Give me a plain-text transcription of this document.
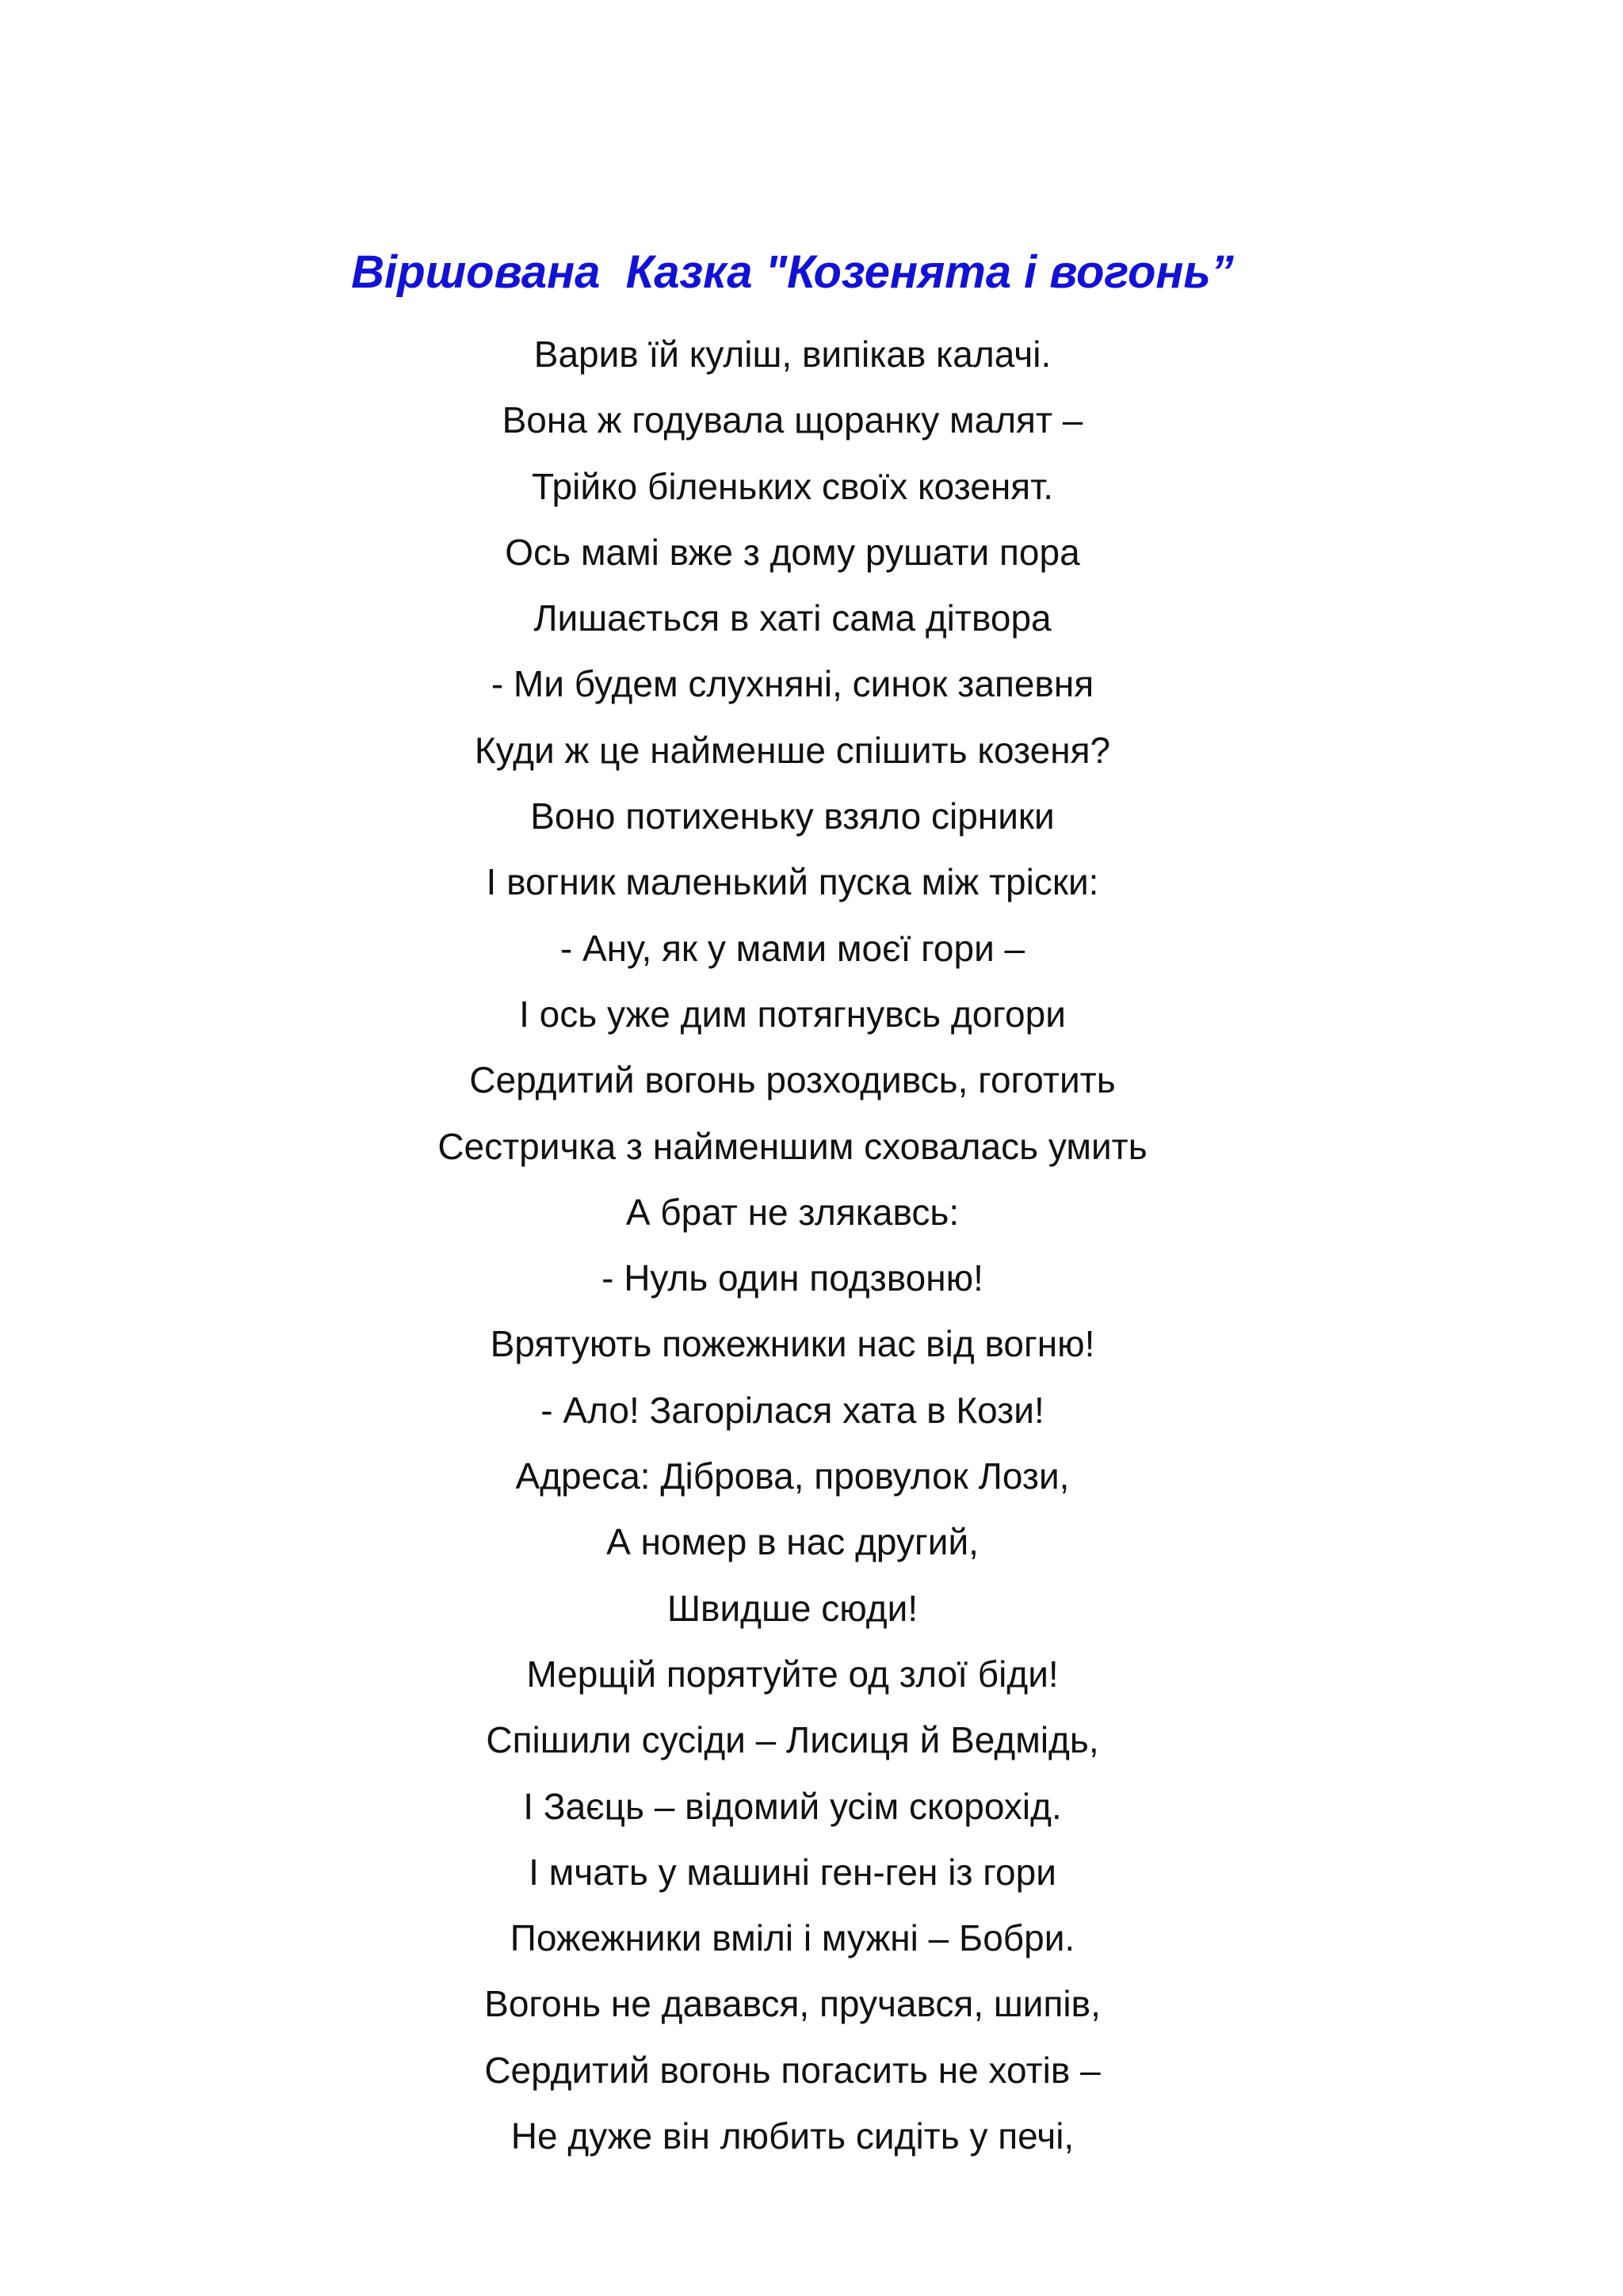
Віршована  Казка "Козенята і вогонь”
Варив їй куліш, випікав калачі.
Вона ж годувала щоранку малят –
Трійко біленьких своїх козенят.
Ось мамі вже з дому рушати пора
Лишається в хаті сама дітвора
- Ми будем слухняні, синок запевня
Куди ж це найменше спішить козеня?
Воно потихеньку взяло сірники
І вогник маленький пуска між тріски:
- Ану, як у мами моєї гори –
І ось уже дим потягнувсь догори
Сердитий вогонь розходивсь, гоготить
Сестричка з найменшим сховалась умить
А брат не злякавсь:
- Нуль один подзвоню!
Врятують пожежники нас від вогню!
- Ало! Загорілася хата в Кози!
Адреса: Діброва, провулок Лози,
А номер в нас другий,
Швидше сюди!
Мерщій порятуйте од злої біди!
Спішили сусіди – Лисиця й Ведмідь,
І Заєць – відомий усім скорохід.
І мчать у машині ген-ген із гори
Пожежники вмілі і мужні – Бобри.
Вогонь не давався, пручався, шипів,
Сердитий вогонь погасить не хотів –
Не дуже він любить сидіть у печі,
